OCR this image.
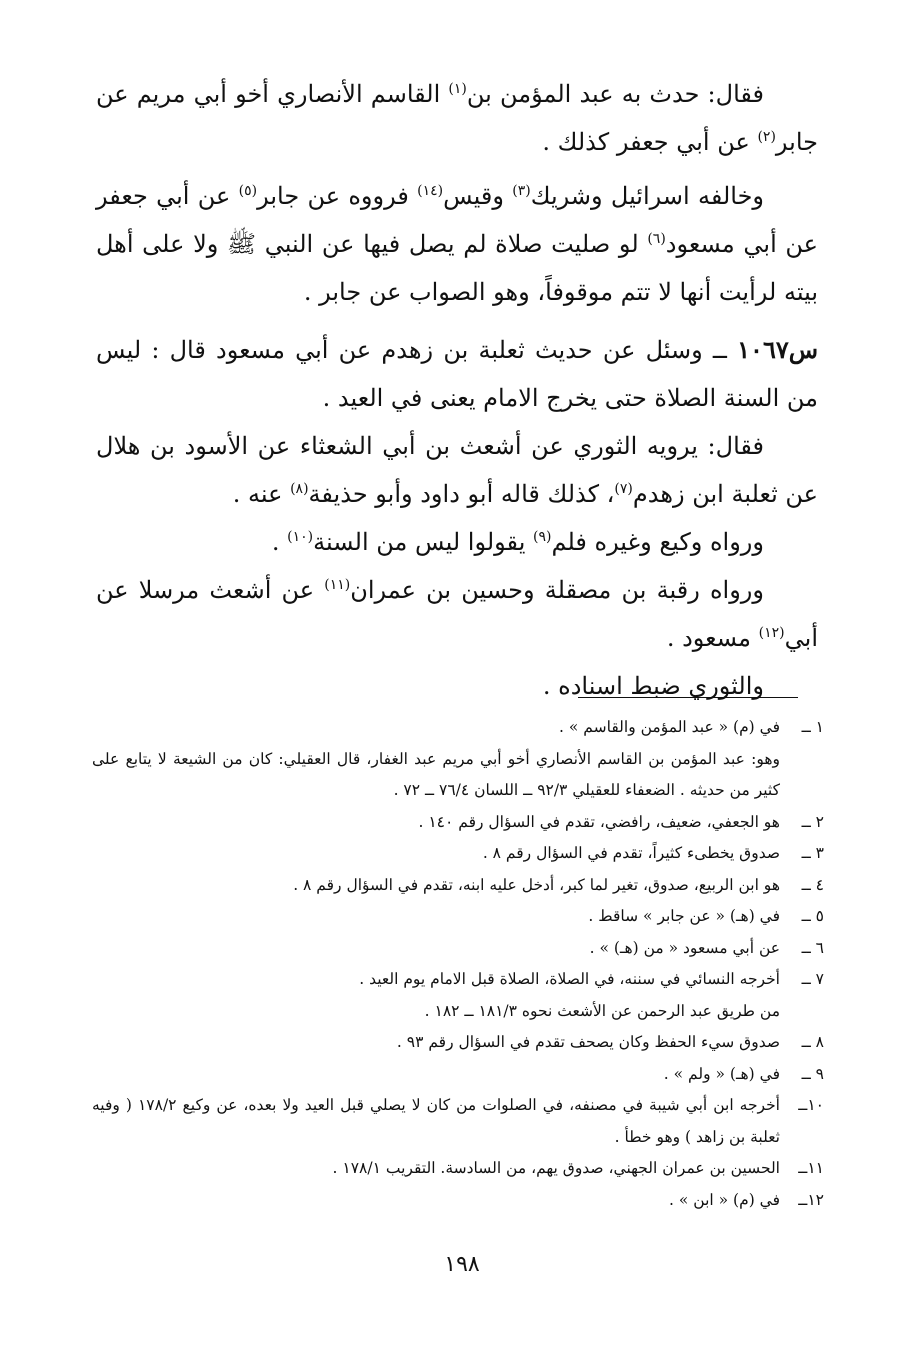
فقال: حدث به عبد المؤمن بن$^{(١)}$ القاسم الأنصاري أخو أبي مريم عن جابر$^{(٢)}$ عن أبي جعفر كذلك .

وخالفه اسرائيل وشريك$^{(٣)}$ وقيس$^{(١٤)}$ فرووه عن جابر$^{(٥)}$ عن أبي جعفر عن أبي مسعود$^{(٦)}$ لو صليت صلاة لم يصل فيها عن النبي ﷺ ولا على أهل بيته لرأيت أنها لا تتم موقوفاً، وهو الصواب عن جابر .

س١٠٦٧ ــ وسئل عن حديث ثعلبة بن زهدم عن أبي مسعود قال : ليس من السنة الصلاة حتى يخرج الامام يعنى في العيد .

فقال: يرويه الثوري عن أشعث بن أبي الشعثاء عن الأسود بن هلال عن ثعلبة ابن زهدم$^{(٧)}$، كذلك قاله أبو داود وأبو حذيفة$^{(٨)}$ عنه .

ورواه وكيع وغيره فلم$^{(٩)}$ يقولوا ليس من السنة$^{(١٠)}$ .

ورواه رقبة بن مصقلة وحسين بن عمران$^{(١١)}$ عن أشعث مرسلا عن أبي$^{(١٢)}$ مسعود .

والثوري ضبط اسناده .

١ ــ
في (م) « عبد المؤمن والقاسم » .
وهو: عبد المؤمن بن القاسم الأنصاري أخو أبي مريم عبد الغفار، قال العقيلي: كان من الشيعة لا يتابع على كثير من حديثه . الضعفاء للعقيلي ٩٢/٣ ــ اللسان ٧٦/٤ ــ ٧٢ .
٢ ــ
هو الجعفي، ضعيف، رافضي، تقدم في السؤال رقم ١٤٠ .
٣ ــ
صدوق يخطىء كثيراً، تقدم في السؤال رقم ٨ .
٤ ــ
هو ابن الربيع، صدوق، تغير لما كبر، أدخل عليه ابنه، تقدم في السؤال رقم ٨ .
٥ ــ
في (هـ) « عن جابر » ساقط .
٦ ــ
عن أبي مسعود « من (هـ) » .
٧ ــ
أخرجه النسائي في سننه، في الصلاة، الصلاة قبل الامام يوم العيد .
من طريق عبد الرحمن عن الأشعث نحوه ١٨١/٣ ــ ١٨٢ .
٨ ــ
صدوق سيء الحفظ وكان يصحف تقدم في السؤال رقم ٩٣ .
٩ ــ
في (هـ) « ولم » .
١٠ــ
أخرجه ابن أبي شيبة في مصنفه، في الصلوات من كان لا يصلي قبل العيد ولا بعده، عن وكيع ١٧٨/٢ ( وفيه ثعلبة بن زاهد ) وهو خطأ .
١١ــ
الحسين بن عمران الجهني، صدوق يهم، من السادسة. التقريب ١٧٨/١ .
١٢ــ
في (م) « ابن » .
١٩٨
